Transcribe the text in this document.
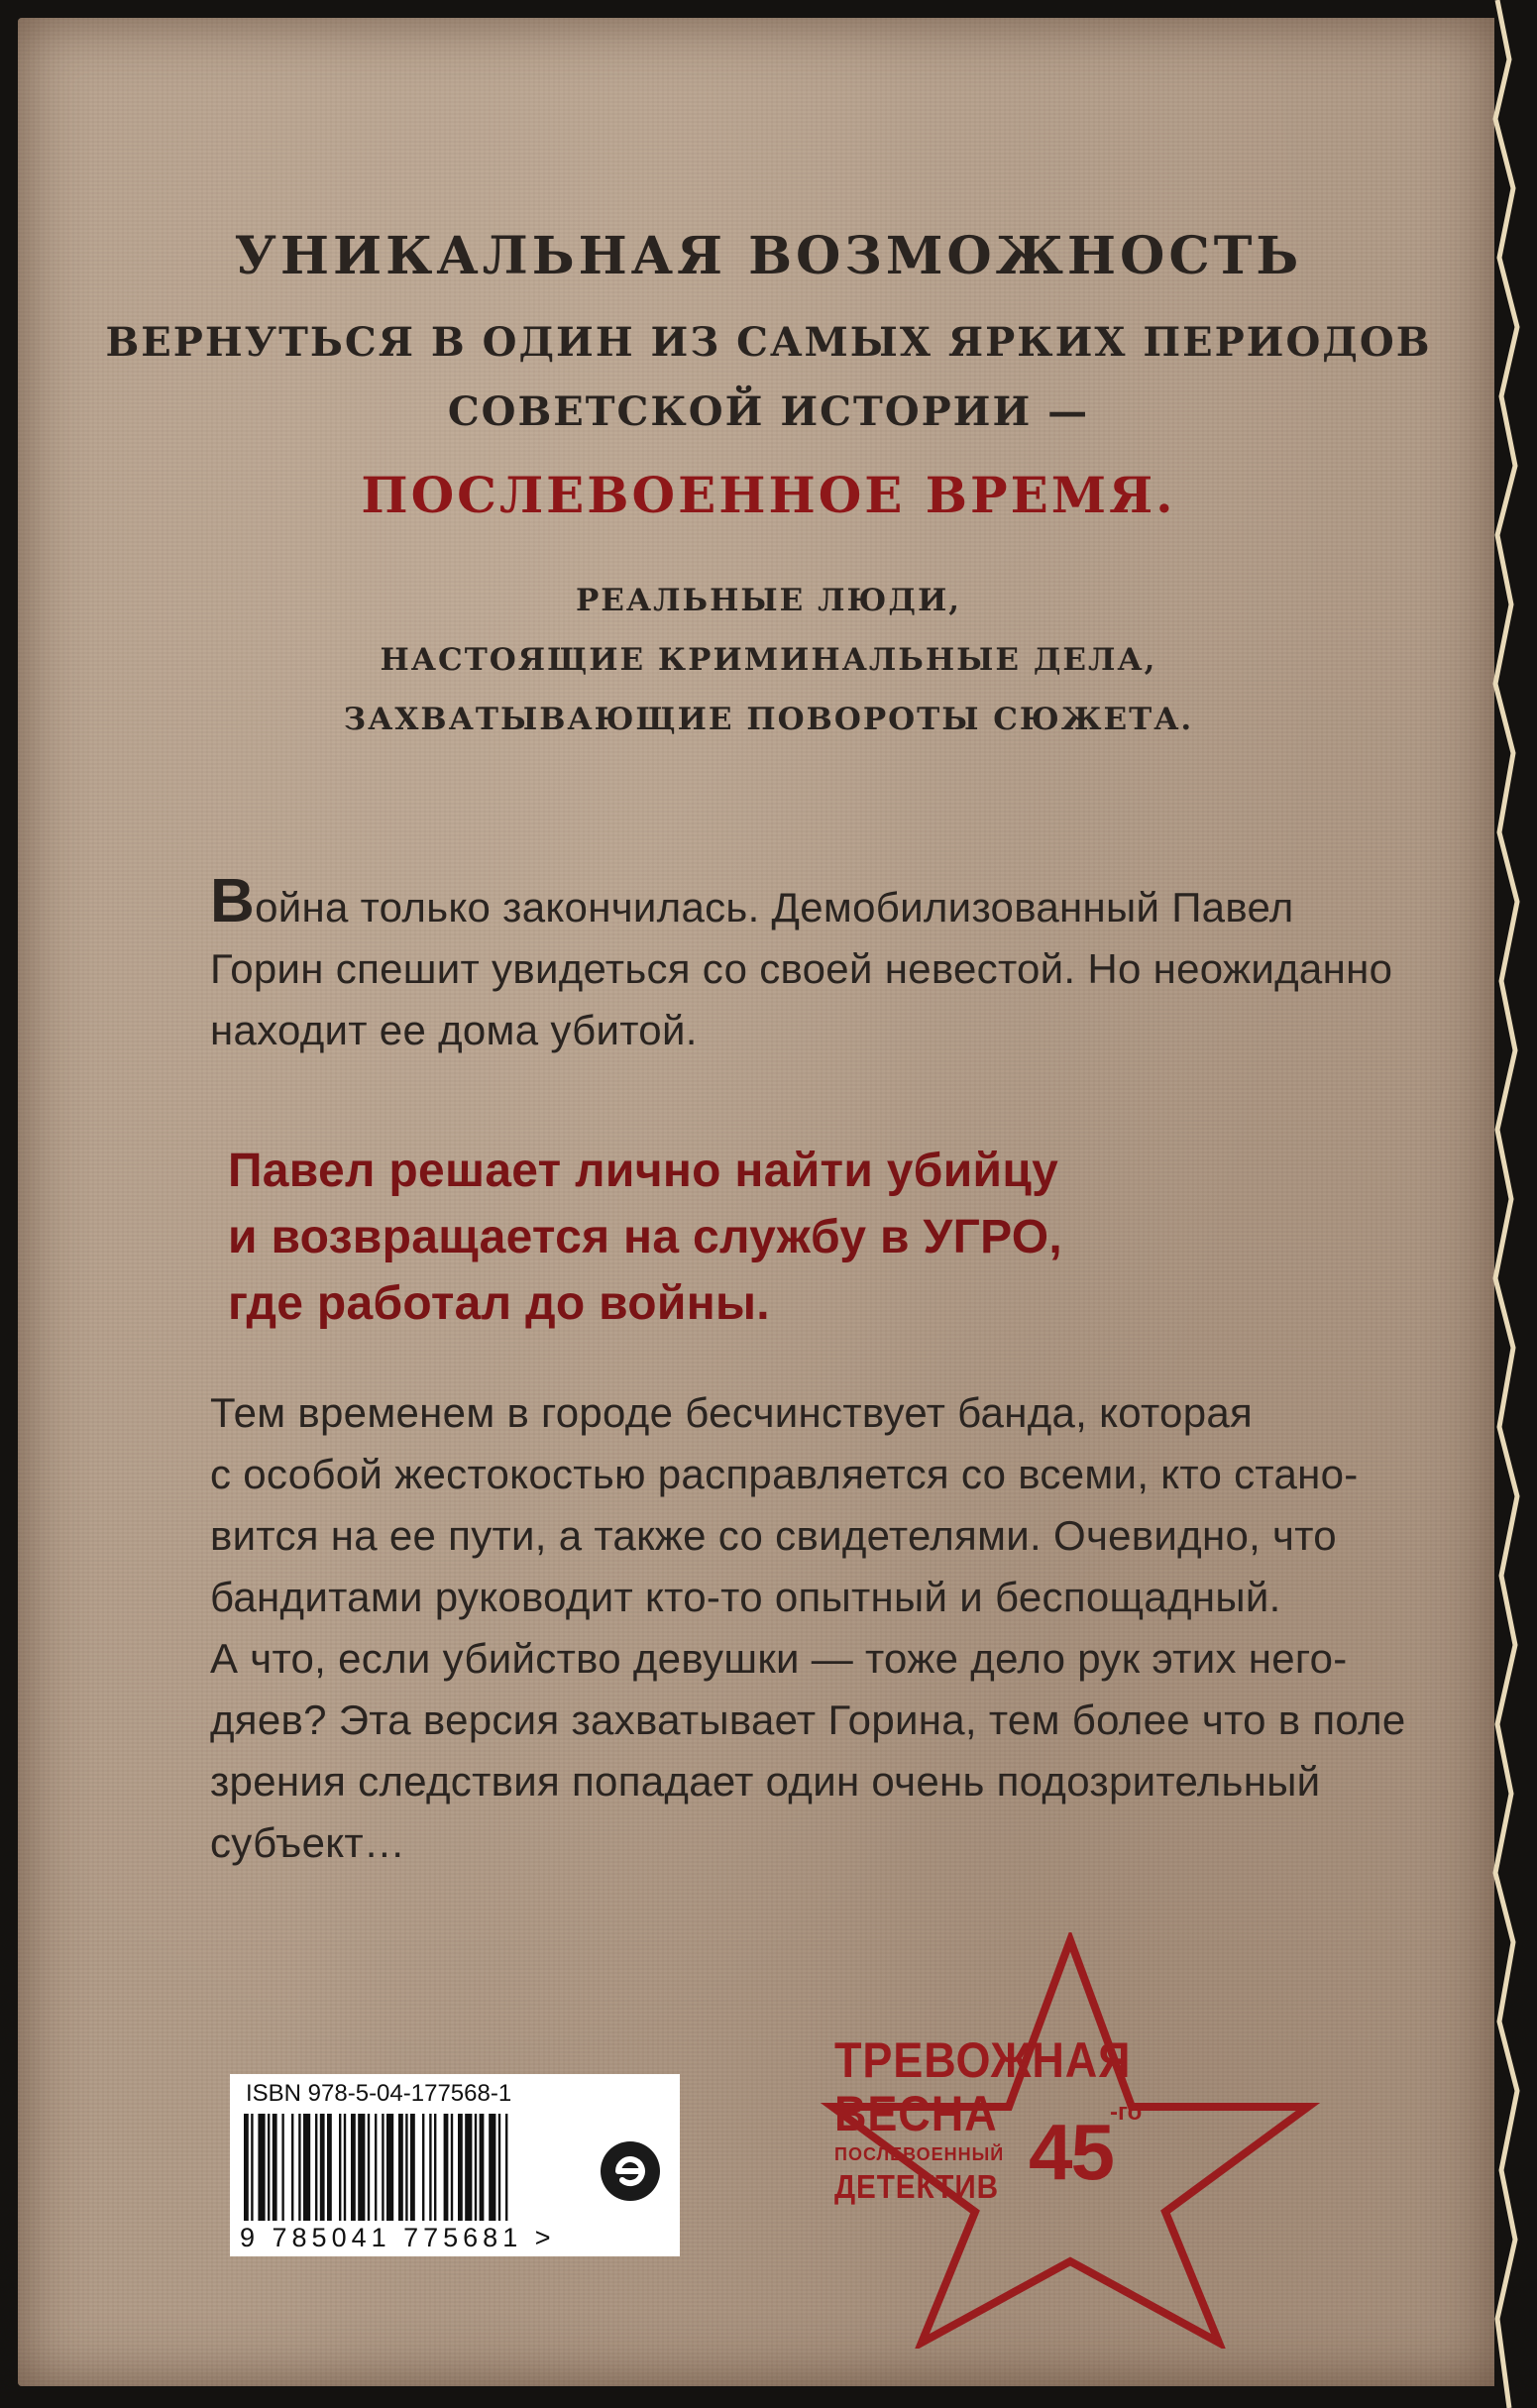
УНИКАЛЬНАЯ ВОЗМОЖНОСТЬ
ВЕРНУТЬСЯ В ОДИН ИЗ САМЫХ ЯРКИХ ПЕРИОДОВ
СОВЕТСКОЙ ИСТОРИИ —
ПОСЛЕВОЕННОЕ ВРЕМЯ.
РЕАЛЬНЫЕ ЛЮДИ,
НАСТОЯЩИЕ КРИМИНАЛЬНЫЕ ДЕЛА,
ЗАХВАТЫВАЮЩИЕ ПОВОРОТЫ СЮЖЕТА.
Война только закончилась. Демобилизованный Павел
Горин спешит увидеться со своей невестой. Но неожиданно
находит ее дома убитой.
Павел решает лично найти убийцу
и возвращается на службу в УГРО,
где работал до войны.
Тем временем в городе бесчинствует банда, которая
с особой жестокостью расправляется со всеми, кто стано-
вится на ее пути, а также со свидетелями. Очевидно, что
бандитами руководит кто-то опытный и беспощадный.
А что, если убийство девушки — тоже дело рук этих него-
дяев? Эта версия захватывает Горина, тем более что в поле
зрения следствия попадает один очень подозрительный
субъект…
ISBN 978-5-04-177568-1
9 785041 775681 >
ТРЕВОЖНАЯ
ВЕСНА
ПОСЛЕВОЕННЫЙ
ДЕТЕКТИВ 45
-го
